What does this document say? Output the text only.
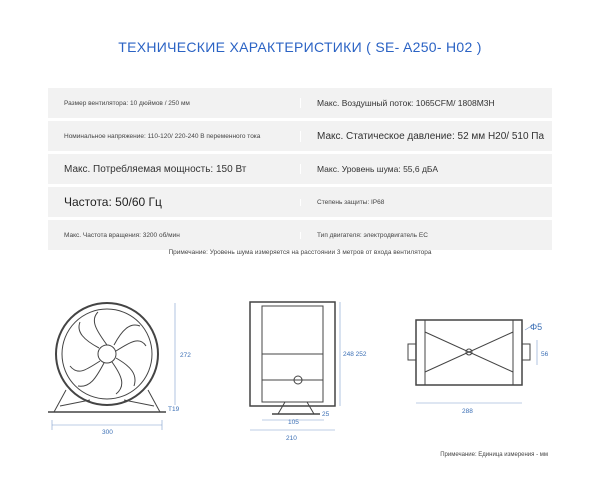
ТЕХНИЧЕСКИЕ ХАРАКТЕРИСТИКИ ( SE- A250- H02 )
Размер вентилятора: 10 дюймов / 250 мм	Макс. Воздушный поток: 1065CFM/ 1808M3H
Номинальное напряжение: 110-120/ 220-240 В переменного тока	Макс. Статическое давление: 52 мм H20/ 510 Па
Макс. Потребляемая мощность: 150 Вт	Макс. Уровень шума: 55,6 дБА
Частота: 50/60 Гц	Степень защиты: IP68
Макс. Частота вращения: 3200 об/мин	Тип двигателя: электродвигатель ЕС
Примечание: Уровень шума измеряется на расстоянии 3 метров от входа вентилятора
272
300
T19
248 252
105
25
210
Φ5
56
288
Примечание: Единица измерения - мм
